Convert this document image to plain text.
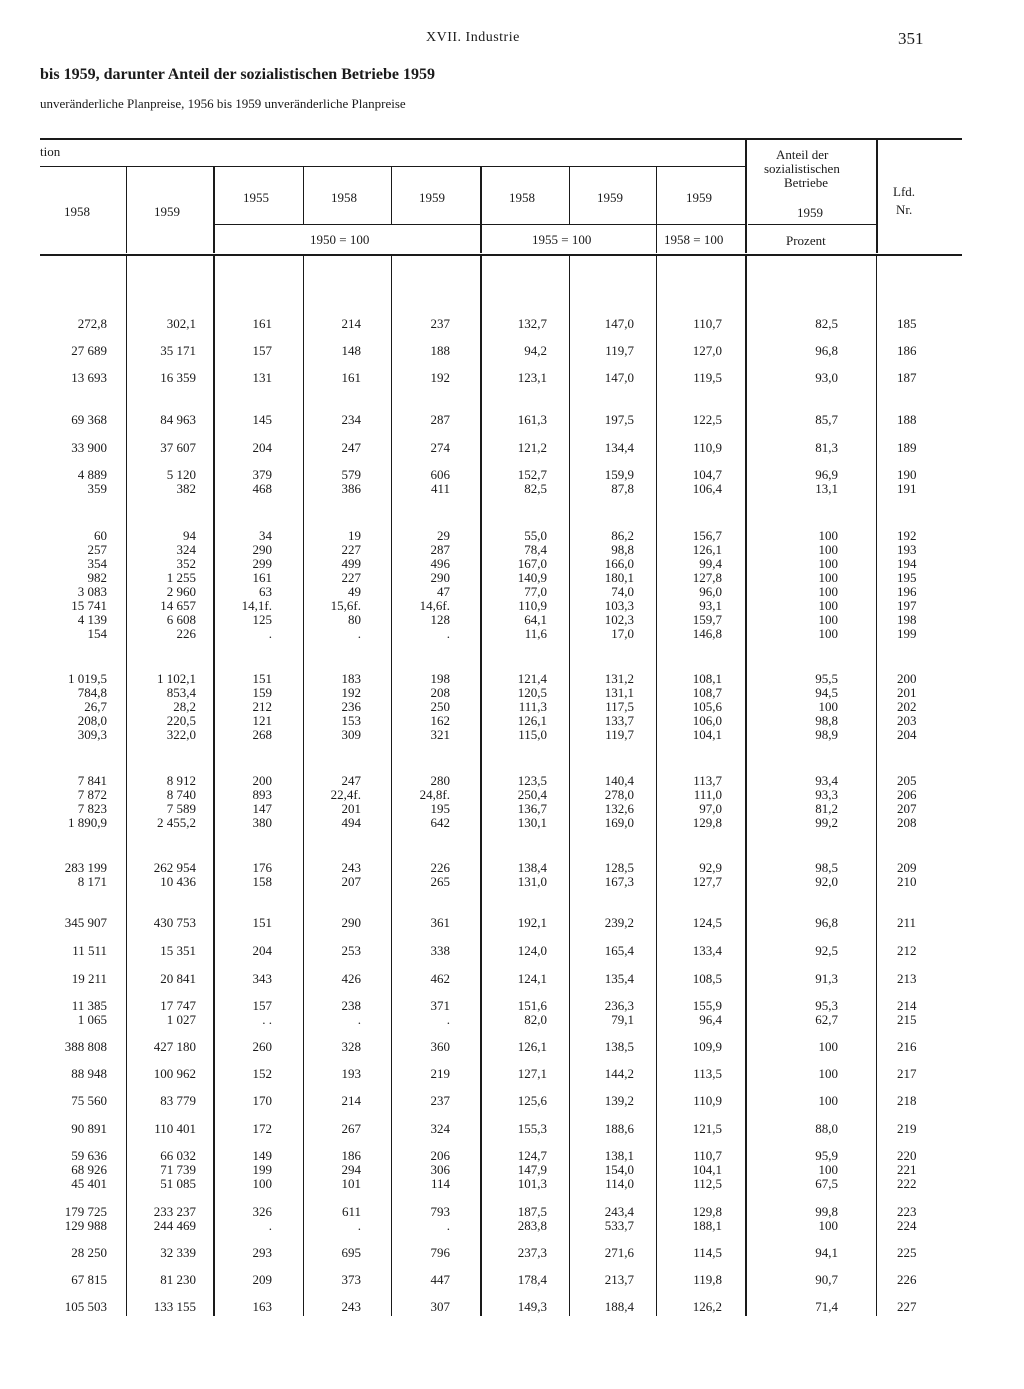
XVII. Industrie	351
bis 1959, darunter Anteil der sozialistischen Betriebe 1959
unveränderliche Planpreise, 1956 bis 1959 unveränderliche Planpreise
tion
1958	1959
1955	1958	1959	1958	1959	1959
1950 = 100	1955 = 100	1958 = 100
Anteil der
sozialistischen
Betriebe
1959
Prozent
Lfd.
Nr.
272,8	302,1	161	214	237	132,7	147,0	110,7	82,5	185
27 689	35 171	157	148	188	94,2	119,7	127,0	96,8	186
13 693	16 359	131	161	192	123,1	147,0	119,5	93,0	187
69 368	84 963	145	234	287	161,3	197,5	122,5	85,7	188
33 900	37 607	204	247	274	121,2	134,4	110,9	81,3	189
4 889	5 120	379	579	606	152,7	159,9	104,7	96,9	190
359	382	468	386	411	82,5	87,8	106,4	13,1	191
60	94	34	19	29	55,0	86,2	156,7	100	192
257	324	290	227	287	78,4	98,8	126,1	100	193
354	352	299	499	496	167,0	166,0	99,4	100	194
982	1 255	161	227	290	140,9	180,1	127,8	100	195
3 083	2 960	63	49	47	77,0	74,0	96,0	100	196
15 741	14 657	14,1f.	15,6f.	14,6f.	110,9	103,3	93,1	100	197
4 139	6 608	125	80	128	64,1	102,3	159,7	100	198
154	226	.	.	.	11,6	17,0	146,8	100	199
1 019,5	1 102,1	151	183	198	121,4	131,2	108,1	95,5	200
784,8	853,4	159	192	208	120,5	131,1	108,7	94,5	201
26,7	28,2	212	236	250	111,3	117,5	105,6	100	202
208,0	220,5	121	153	162	126,1	133,7	106,0	98,8	203
309,3	322,0	268	309	321	115,0	119,7	104,1	98,9	204
7 841	8 912	200	247	280	123,5	140,4	113,7	93,4	205
7 872	8 740	893	22,4f.	24,8f.	250,4	278,0	111,0	93,3	206
7 823	7 589	147	201	195	136,7	132,6	97,0	81,2	207
1 890,9	2 455,2	380	494	642	130,1	169,0	129,8	99,2	208
283 199	262 954	176	243	226	138,4	128,5	92,9	98,5	209
8 171	10 436	158	207	265	131,0	167,3	127,7	92,0	210
345 907	430 753	151	290	361	192,1	239,2	124,5	96,8	211
11 511	15 351	204	253	338	124,0	165,4	133,4	92,5	212
19 211	20 841	343	426	462	124,1	135,4	108,5	91,3	213
11 385	17 747	157	238	371	151,6	236,3	155,9	95,3	214
1 065	1 027	. .	.	.	82,0	79,1	96,4	62,7	215
388 808	427 180	260	328	360	126,1	138,5	109,9	100	216
88 948	100 962	152	193	219	127,1	144,2	113,5	100	217
75 560	83 779	170	214	237	125,6	139,2	110,9	100	218
90 891	110 401	172	267	324	155,3	188,6	121,5	88,0	219
59 636	66 032	149	186	206	124,7	138,1	110,7	95,9	220
68 926	71 739	199	294	306	147,9	154,0	104,1	100	221
45 401	51 085	100	101	114	101,3	114,0	112,5	67,5	222
179 725	233 237	326	611	793	187,5	243,4	129,8	99,8	223
129 988	244 469	.	.	.	283,8	533,7	188,1	100	224
28 250	32 339	293	695	796	237,3	271,6	114,5	94,1	225
67 815	81 230	209	373	447	178,4	213,7	119,8	90,7	226
105 503	133 155	163	243	307	149,3	188,4	126,2	71,4	227
